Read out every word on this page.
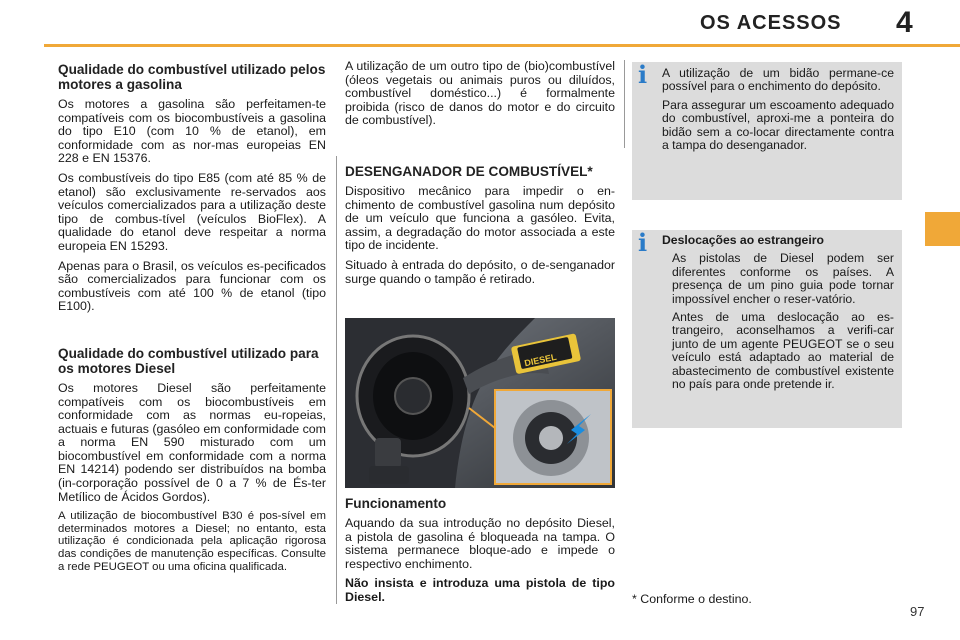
OS ACESSOS 4
Qualidade do combustível utilizado pelos motores a gasolina

Os motores a gasolina são perfeitamen-te compatíveis com os biocombustíveis a gasolina do tipo E10 (com 10 % de etanol), em conformidade com as nor-mas europeias EN 228 e EN 15376.

Os combustíveis do tipo E85 (com até 85 % de etanol) são exclusivamente re-servados aos veículos comercializados para a utilização deste tipo de combus-tível (veículos BioFlex). A qualidade do etanol deve respeitar a norma europeia EN 15293.

Apenas para o Brasil, os veículos es-pecificados são comercializados para funcionar com os combustíveis com até 100 % de etanol (tipo E100).

Qualidade do combustível utilizado para os motores Diesel

Os motores Diesel são perfeitamente compatíveis com os biocombustíveis em conformidade com as normas eu-ropeias, actuais e futuras (gasóleo em conformidade com a norma EN 590 misturado com um biocombustível em conformidade com a norma EN 14214) podendo ser distribuídos na bomba (in-corporação possível de 0 a 7 % de És-ter Metílico de Ácidos Gordos).

A utilização de biocombustível B30 é pos-sível em determinados motores a Diesel; no entanto, esta utilização é condicionada pela aplicação rigorosa das condições de manutenção específicas. Consulte a rede PEUGEOT ou uma oficina qualificada.

A utilização de um outro tipo de (bio)combustível (óleos vegetais ou animais puros ou diluídos, combustível doméstico...) é formalmente proibida (risco de danos do motor e do circuito de combustível).

DESENGANADOR DE COMBUSTÍVEL*

Dispositivo mecânico para impedir o en-chimento de combustível gasolina num depósito de um veículo que funciona a gasóleo. Evita, assim, a degradação do motor associada a este tipo de incidente.

Situado à entrada do depósito, o de-senganador surge quando o tampão é retirado.

DIESEL
Funcionamento

Aquando da sua introdução no depósito Diesel, a pistola de gasolina é bloqueada na tampa. O sistema permanece bloque-ado e impede o respectivo enchimento.

Não insista e introduza uma pistola de tipo Diesel.

i A utilização de um bidão permane-ce possível para o enchimento do depósito.

Para assegurar um escoamento adequado do combustível, aproxi-me a ponteira do bidão sem a co-locar directamente contra a tampa do desenganador.

i Deslocações ao estrangeiro

As pistolas de Diesel podem ser diferentes conforme os países. A presença de um pino guia pode tornar impossível encher o reser-vatório.

Antes de uma deslocação ao es-trangeiro, aconselhamos a verifi-car junto de um agente PEUGEOT se o seu veículo está adaptado ao material de abastecimento de combustível existente no país para onde pretende ir.

* Conforme o destino.
97
